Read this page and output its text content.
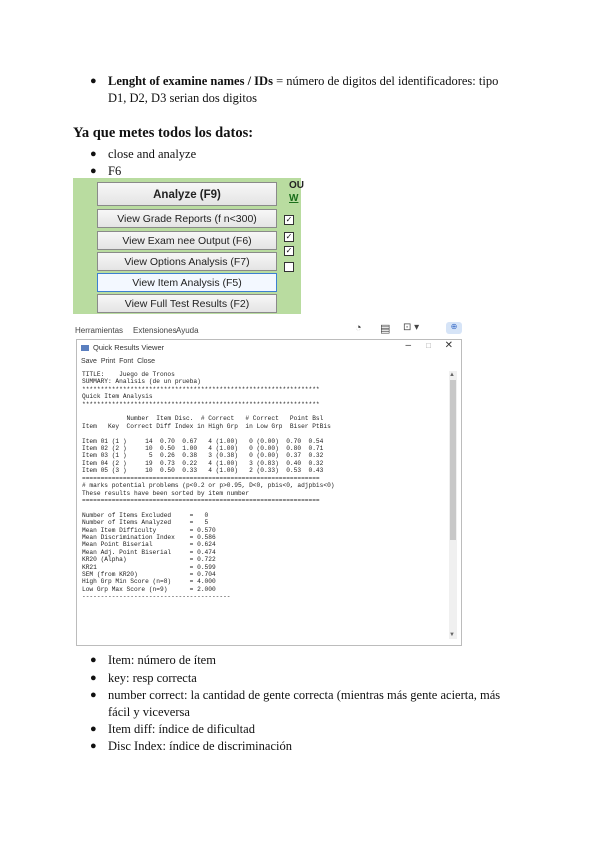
● Lenght of examine names / IDs = número de digitos del identificadores: tipo
D1, D2, D3 serian dos digitos
Ya que metes todos los datos:
● close and analyze
● F6
Analyze (F9)
View Grade Reports (f n<300)
View Exam nee Output (F6)
View Options Analysis (F7)
View Item Analysis (F5)
View Full Test Results (F2)
OU
W
✓
✓
✓
Herramientas Extensiones Ayuda	◔ ▤ ⊡ ▾	⊕
Quick Results Viewer	– □ ✕
Save Print Font Close
TITLE:    Juego de Tronos
SUMMARY: Analisis (de un prueba)
****************************************************************
Quick Item Analysis
****************************************************************

Number  Item Disc.  # Correct   # Correct   Point Bsl
Item   Key  Correct Diff Index in High Grp  in Low Grp  Biser PtBis

Item 01 (1 )     14  0.70  0.67   4 (1.00)   0 (0.00)  0.70  0.54
Item 02 (2 )     10  0.50  1.00   4 (1.00)   0 (0.00)  0.80  0.71
Item 03 (1 )      5  0.26  0.38   3 (0.38)   0 (0.00)  0.37  0.32
Item 04 (2 )     19  0.73  0.22   4 (1.00)   3 (0.83)  0.40  0.32
Item 05 (3 )     10  0.50  0.33   4 (1.00)   2 (0.33)  0.53  0.43
================================================================
# marks potential problems (p<0.2 or p>0.95, D<0, pbis<0, adjpbis<0)
These results have been sorted by item number
================================================================

Number of Items Excluded     =   0
Number of Items Analyzed     =   5
Mean Item Difficulty         = 0.570
Mean Discrimination Index    = 0.586
Mean Point Biserial          = 0.624
Mean Adj. Point Biserial     = 0.474
KR20 (Alpha)                 = 0.722
KR21                         = 0.599
SEM (from KR20)              = 0.704
High Grp Min Score (n=8)     = 4.000
Low Grp Max Score (n=9)      = 2.000
----------------------------------------
▲
▼
● Item: número de ítem
● key: resp correcta
● number correct: la cantidad de gente correcta (mientras más gente acierta, más
fácil y viceversa
● Item diff: índice de dificultad
● Disc Index: índice de discriminación
